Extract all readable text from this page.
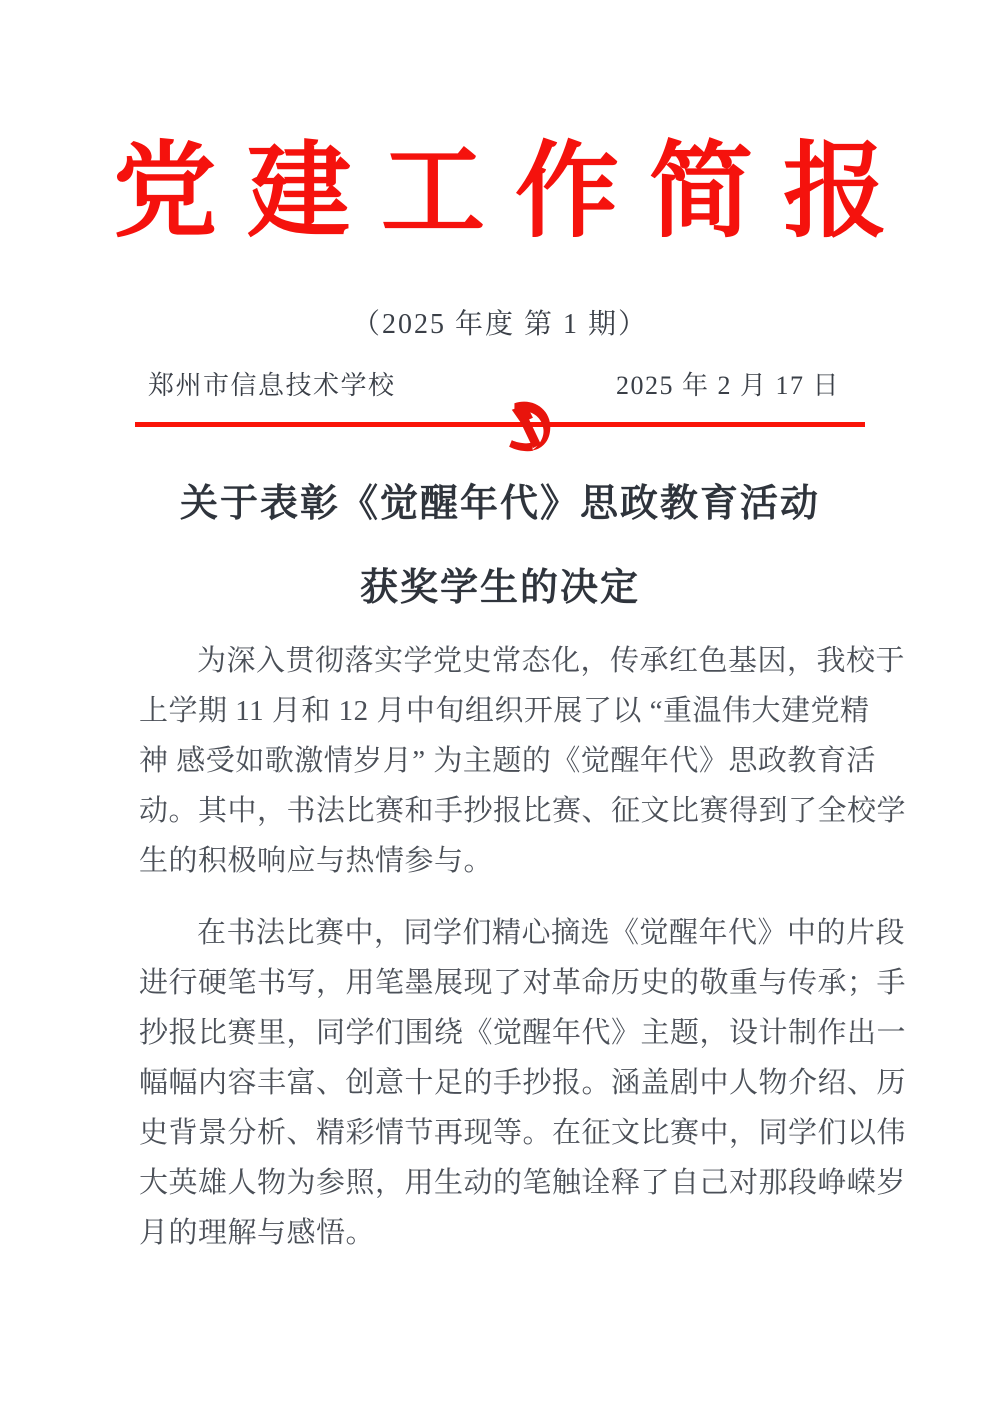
党建工作简报
（2025 年度 第 1 期）
郑州市信息技术学校	2025 年 2 月 17 日
关于表彰《觉醒年代》思政教育活动
获奖学生的决定
为深入贯彻落实学党史常态化，传承红色基因，我校于
上学期 11 月和 12 月中旬组织开展了以 “重温伟大建党精
神 感受如歌激情岁月” 为主题的《觉醒年代》思政教育活
动。其中，书法比赛和手抄报比赛、征文比赛得到了全校学
生的积极响应与热情参与。
在书法比赛中，同学们精心摘选《觉醒年代》中的片段
进行硬笔书写，用笔墨展现了对革命历史的敬重与传承；手
抄报比赛里，同学们围绕《觉醒年代》主题，设计制作出一
幅幅内容丰富、创意十足的手抄报。涵盖剧中人物介绍、历
史背景分析、精彩情节再现等。在征文比赛中，同学们以伟
大英雄人物为参照，用生动的笔触诠释了自己对那段峥嵘岁
月的理解与感悟。
